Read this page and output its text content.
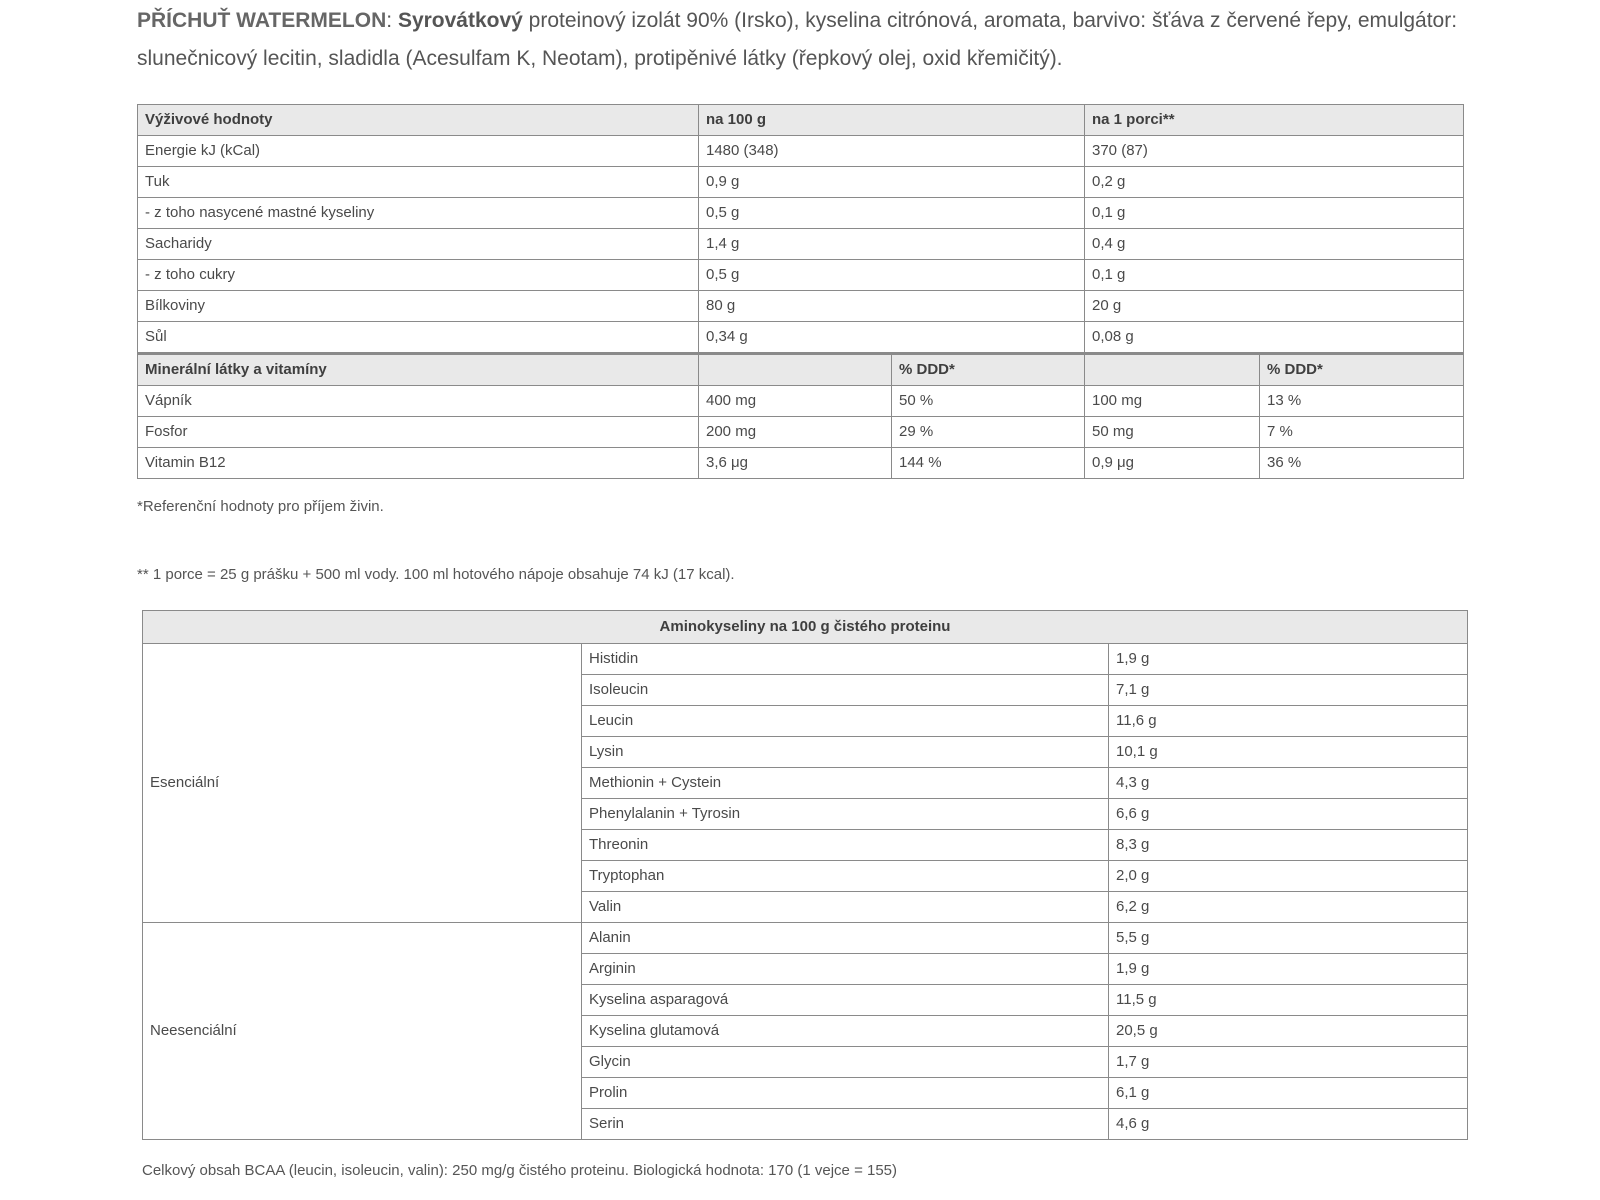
PŘÍCHUŤ WATERMELON: Syrovátkový proteinový izolát 90% (Irsko), kyselina citrónová, aromata, barvivo: šťáva z červené řepy, emulgátor: slunečnicový lecitin, sladidla (Acesulfam K, Neotam), protipěnivé látky (řepkový olej, oxid křemičitý).
Výživové hodnoty	na 100 g		na 1 porci**	
Energie kJ (kCal)	1480 (348)		370 (87)	
Tuk	0,9 g		0,2 g	
- z toho nasycené mastné kyseliny	0,5 g		0,1 g	
Sacharidy	1,4 g		0,4 g	
- z toho cukry	0,5 g		0,1 g	
Bílkoviny	80 g		20 g	
Sůl	0,34 g		0,08 g	
Minerální látky a vitamíny		% DDD*		% DDD*
Vápník	400 mg	50 %	100 mg	13 %
Fosfor	200 mg	29 %	50 mg	7 %
Vitamin B12	3,6 μg	144 %	0,9 μg	36 %
*Referenční hodnoty pro příjem živin.
** 1 porce = 25 g prášku + 500 ml vody. 100 ml hotového nápoje obsahuje 74 kJ (17 kcal).
Aminokyseliny na 100 g čistého proteinu		
Esenciální	Histidin	1,9 g
	Isoleucin	7,1 g
	Leucin	11,6 g
	Lysin	10,1 g
	Methionin + Cystein	4,3 g
	Phenylalanin + Tyrosin	6,6 g
	Threonin	8,3 g
	Tryptophan	2,0 g
	Valin	6,2 g
Neesenciální	Alanin	5,5 g
	Arginin	1,9 g
	Kyselina asparagová	11,5 g
	Kyselina glutamová	20,5 g
	Glycin	1,7 g
	Prolin	6,1 g
	Serin	4,6 g
Celkový obsah BCAA (leucin, isoleucin, valin): 250 mg/g čistého proteinu. Biologická hodnota: 170 (1 vejce = 155)
